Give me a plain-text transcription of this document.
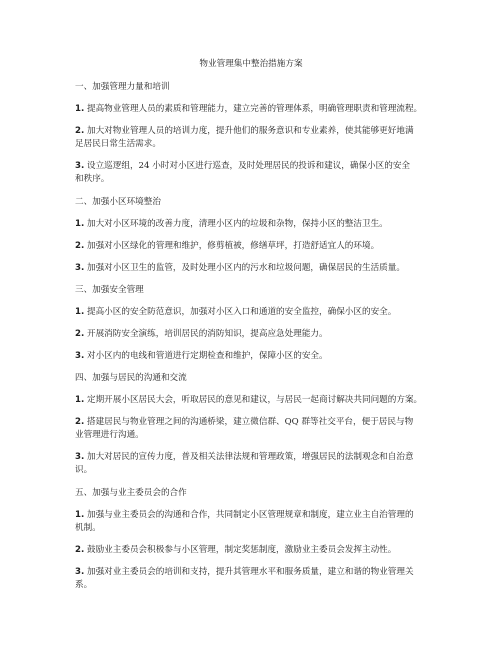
物业管理集中整治措施方案
一、加强管理力量和培训
1. 提高物业管理人员的素质和管理能力，建立完善的管理体系，明确管理职责和管理流程。
2. 加大对物业管理人员的培训力度，提升他们的服务意识和专业素养，使其能够更好地满
足居民日常生活需求。
3. 设立巡逻组，24 小时对小区进行巡查，及时处理居民的投诉和建议，确保小区的安全
和秩序。
二、加强小区环境整治
1. 加大对小区环境的改善力度，清理小区内的垃圾和杂物，保持小区的整洁卫生。
2. 加强对小区绿化的管理和维护，修剪植被，修缮草坪，打造舒适宜人的环境。
3. 加强对小区卫生的监管，及时处理小区内的污水和垃圾问题，确保居民的生活质量。
三、加强安全管理
1. 提高小区的安全防范意识，加强对小区入口和通道的安全监控，确保小区的安全。
2. 开展消防安全演练，培训居民的消防知识，提高应急处理能力。
3. 对小区内的电线和管道进行定期检查和维护，保障小区的安全。
四、加强与居民的沟通和交流
1. 定期开展小区居民大会，听取居民的意见和建议，与居民一起商讨解决共同问题的方案。
2. 搭建居民与物业管理之间的沟通桥梁，建立微信群、QQ 群等社交平台，便于居民与物
业管理进行沟通。
3. 加大对居民的宣传力度，普及相关法律法规和管理政策，增强居民的法制观念和自治意
识。
五、加强与业主委员会的合作
1. 加强与业主委员会的沟通和合作，共同制定小区管理规章和制度，建立业主自治管理的
机制。
2. 鼓励业主委员会积极参与小区管理，制定奖惩制度，激励业主委员会发挥主动性。
3. 加强对业主委员会的培训和支持，提升其管理水平和服务质量，建立和谐的物业管理关
系。
